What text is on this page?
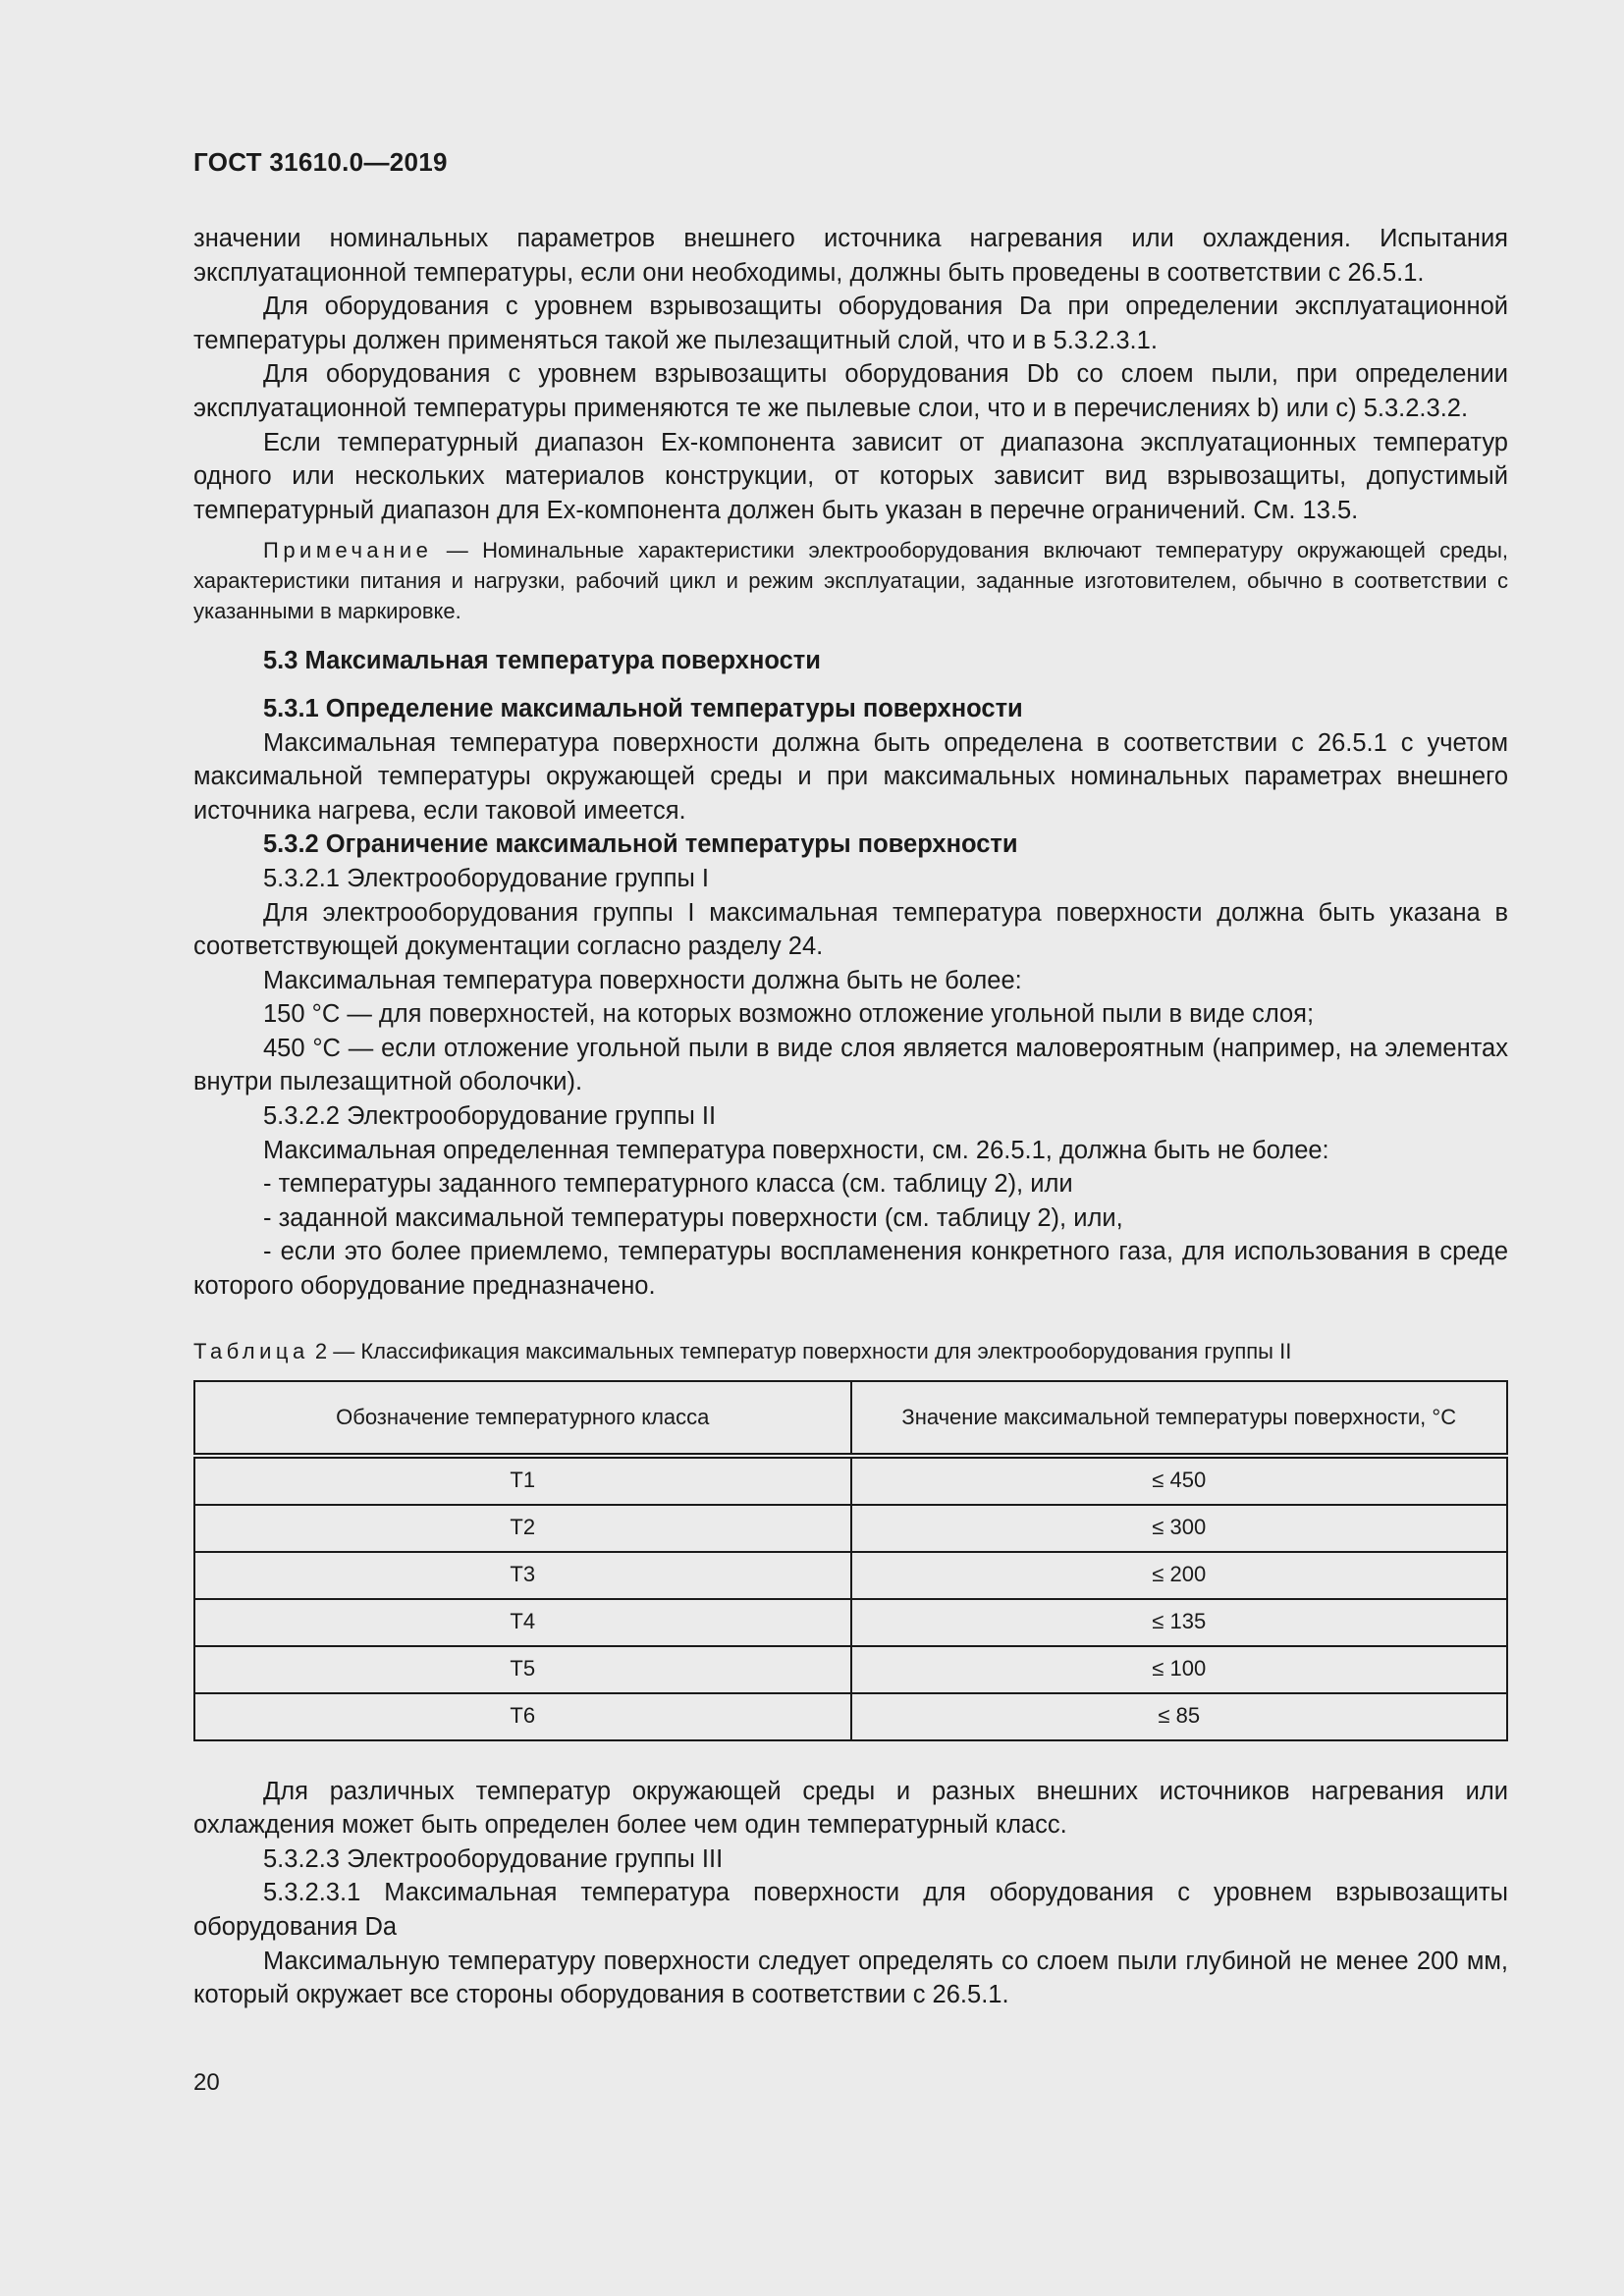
ГОСТ 31610.0—2019

значении номинальных параметров внешнего источника нагревания или охлаждения. Испытания эксплуатационной температуры, если они необходимы, должны быть проведены в соответствии с 26.5.1.

Для оборудования с уровнем взрывозащиты оборудования Da при определении эксплуатационной температуры должен применяться такой же пылезащитный слой, что и в 5.3.2.3.1.

Для оборудования с уровнем взрывозащиты оборудования Db со слоем пыли, при определении эксплуатационной температуры применяются те же пылевые слои, что и в перечислениях b) или c) 5.3.2.3.2.

Если температурный диапазон Ex-компонента зависит от диапазона эксплуатационных температур одного или нескольких материалов конструкции, от которых зависит вид взрывозащиты, допустимый температурный диапазон для Ex-компонента должен быть указан в перечне ограничений. См. 13.5.

Примечание — Номинальные характеристики электрооборудования включают температуру окружающей среды, характеристики питания и нагрузки, рабочий цикл и режим эксплуатации, заданные изготовителем, обычно в соответствии с указанными в маркировке.

5.3 Максимальная температура поверхности

5.3.1 Определение максимальной температуры поверхности

Максимальная температура поверхности должна быть определена в соответствии с 26.5.1 с учетом максимальной температуры окружающей среды и при максимальных номинальных параметрах внешнего источника нагрева, если таковой имеется.

5.3.2 Ограничение максимальной температуры поверхности

5.3.2.1 Электрооборудование группы I

Для электрооборудования группы I максимальная температура поверхности должна быть указана в соответствующей документации согласно разделу 24.

Максимальная температура поверхности должна быть не более:

150 °С — для поверхностей, на которых возможно отложение угольной пыли в виде слоя;

450 °С — если отложение угольной пыли в виде слоя является маловероятным (например, на элементах внутри пылезащитной оболочки).

5.3.2.2 Электрооборудование группы II

Максимальная определенная температура поверхности, см. 26.5.1, должна быть не более:

- температуры заданного температурного класса (см. таблицу 2), или

- заданной максимальной температуры поверхности (см. таблицу 2), или,

- если это более приемлемо, температуры воспламенения конкретного газа, для использования в среде которого оборудование предназначено.

Таблица 2 — Классификация максимальных температур поверхности для электрооборудования группы II

Обозначение температурного класса	Значение максимальной температуры поверхности, °С
Т1	≤ 450
Т2	≤ 300
Т3	≤ 200
Т4	≤ 135
Т5	≤ 100
Т6	≤ 85

Для различных температур окружающей среды и разных внешних источников нагревания или охлаждения может быть определен более чем один температурный класс.

5.3.2.3 Электрооборудование группы III

5.3.2.3.1 Максимальная температура поверхности для оборудования с уровнем взрывозащиты оборудования Da

Максимальную температуру поверхности следует определять со слоем пыли глубиной не менее 200 мм, который окружает все стороны оборудования в соответствии с 26.5.1.

20
